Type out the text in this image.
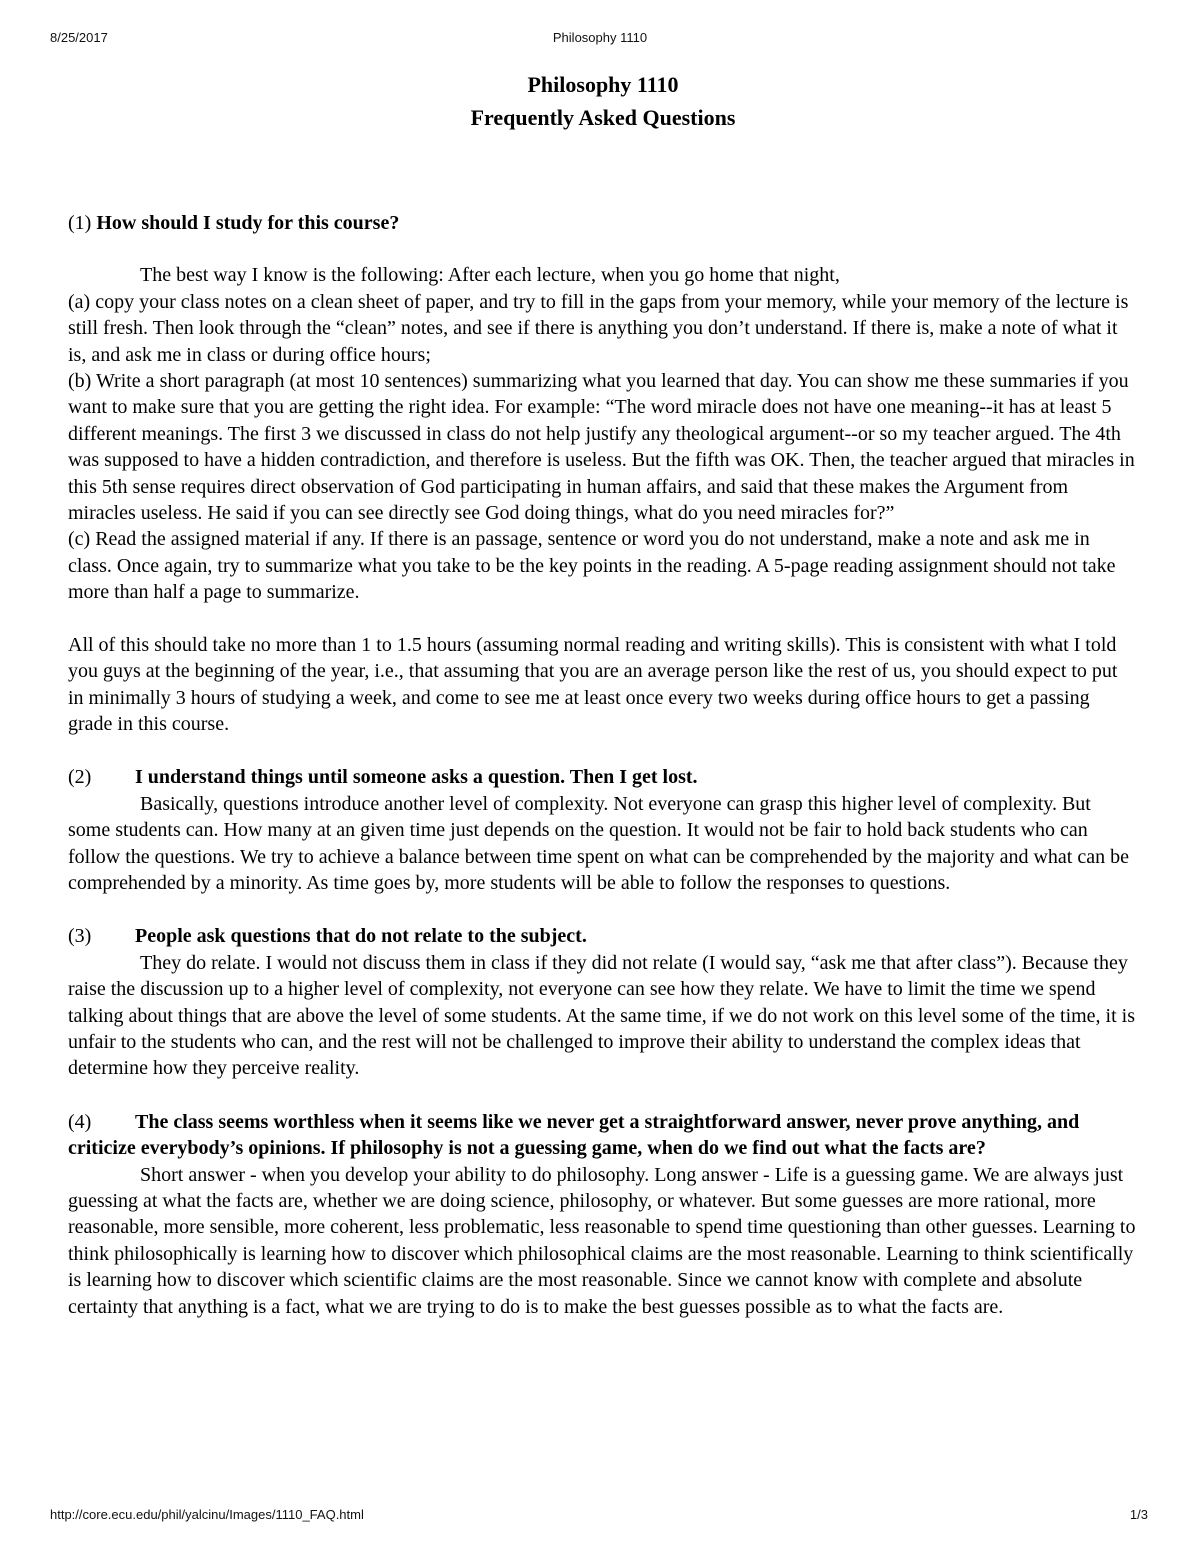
8/25/2017	Philosophy 1110
Philosophy 1110
Frequently Asked Questions

(1) How should I study for this course?

The best way I know is the following: After each lecture, when you go home that night,

(a) copy your class notes on a clean sheet of paper, and try to fill in the gaps from your memory, while your memory of the lecture is still fresh. Then look through the “clean” notes, and see if there is anything you don’t understand. If there is, make a note of what it is, and ask me in class or during office hours;

(b) Write a short paragraph (at most 10 sentences) summarizing what you learned that day. You can show me these summaries if you want to make sure that you are getting the right idea. For example: “The word miracle does not have one meaning--it has at least 5 different meanings. The first 3 we discussed in class do not help justify any theological argument--or so my teacher argued. The 4th was supposed to have a hidden contradiction, and therefore is useless. But the fifth was OK. Then, the teacher argued that miracles in this 5th sense requires direct observation of God participating in human affairs, and said that these makes the Argument from miracles useless. He said if you can see directly see God doing things, what do you need miracles for?”

(c) Read the assigned material if any. If there is an passage, sentence or word you do not understand, make a note and ask me in class. Once again, try to summarize what you take to be the key points in the reading. A 5-page reading assignment should not take more than half a page to summarize.

All of this should take no more than 1 to 1.5 hours (assuming normal reading and writing skills). This is consistent with what I told you guys at the beginning of the year, i.e., that assuming that you are an average person like the rest of us, you should expect to put in minimally 3 hours of studying a week, and come to see me at least once every two weeks during office hours to get a passing grade in this course.

(2) I understand things until someone asks a question. Then I get lost.

Basically, questions introduce another level of complexity. Not everyone can grasp this higher level of complexity. But some students can. How many at an given time just depends on the question. It would not be fair to hold back students who can follow the questions. We try to achieve a balance between time spent on what can be comprehended by the majority and what can be comprehended by a minority. As time goes by, more students will be able to follow the responses to questions.

(3) People ask questions that do not relate to the subject.

They do relate. I would not discuss them in class if they did not relate (I would say, “ask me that after class”). Because they raise the discussion up to a higher level of complexity, not everyone can see how they relate. We have to limit the time we spend talking about things that are above the level of some students. At the same time, if we do not work on this level some of the time, it is unfair to the students who can, and the rest will not be challenged to improve their ability to understand the complex ideas that determine how they perceive reality.

(4) The class seems worthless when it seems like we never get a straightforward answer, never prove anything, and criticize everybody’s opinions. If philosophy is not a guessing game, when do we find out what the facts are?

Short answer - when you develop your ability to do philosophy. Long answer - Life is a guessing game. We are always just guessing at what the facts are, whether we are doing science, philosophy, or whatever. But some guesses are more rational, more reasonable, more sensible, more coherent, less problematic, less reasonable to spend time questioning than other guesses. Learning to think philosophically is learning how to discover which philosophical claims are the most reasonable. Learning to think scientifically is learning how to discover which scientific claims are the most reasonable. Since we cannot know with complete and absolute certainty that anything is a fact, what we are trying to do is to make the best guesses possible as to what the facts are.

http://core.ecu.edu/phil/yalcinu/Images/1110_FAQ.html	1/3
